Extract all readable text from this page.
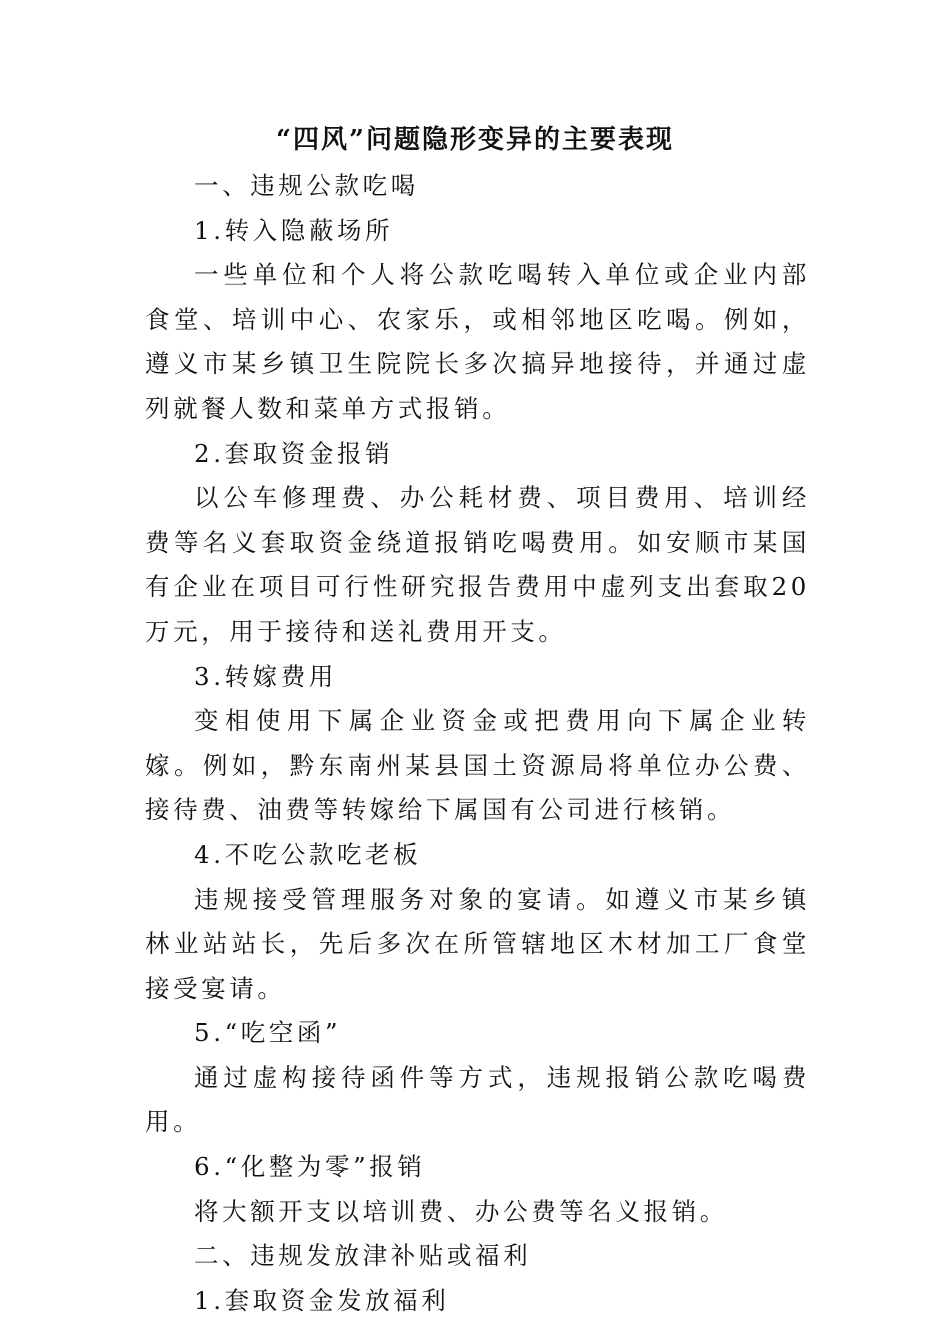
“四风”问题隐形变异的主要表现

一、违规公款吃喝

1.转入隐蔽场所

一些单位和个人将公款吃喝转入单位或企业内部食堂、培训中心、农家乐，或相邻地区吃喝。例如，遵义市某乡镇卫生院院长多次搞异地接待，并通过虚列就餐人数和菜单方式报销。

2.套取资金报销

以公车修理费、办公耗材费、项目费用、培训经费等名义套取资金绕道报销吃喝费用。如安顺市某国有企业在项目可行性研究报告费用中虚列支出套取20万元，用于接待和送礼费用开支。

3.转嫁费用

变相使用下属企业资金或把费用向下属企业转嫁。例如，黔东南州某县国土资源局将单位办公费、接待费、油费等转嫁给下属国有公司进行核销。

4.不吃公款吃老板

违规接受管理服务对象的宴请。如遵义市某乡镇林业站站长，先后多次在所管辖地区木材加工厂食堂接受宴请。

5.“吃空函”

通过虚构接待函件等方式，违规报销公款吃喝费用。

6.“化整为零”报销

将大额开支以培训费、办公费等名义报销。

二、违规发放津补贴或福利

1.套取资金发放福利
